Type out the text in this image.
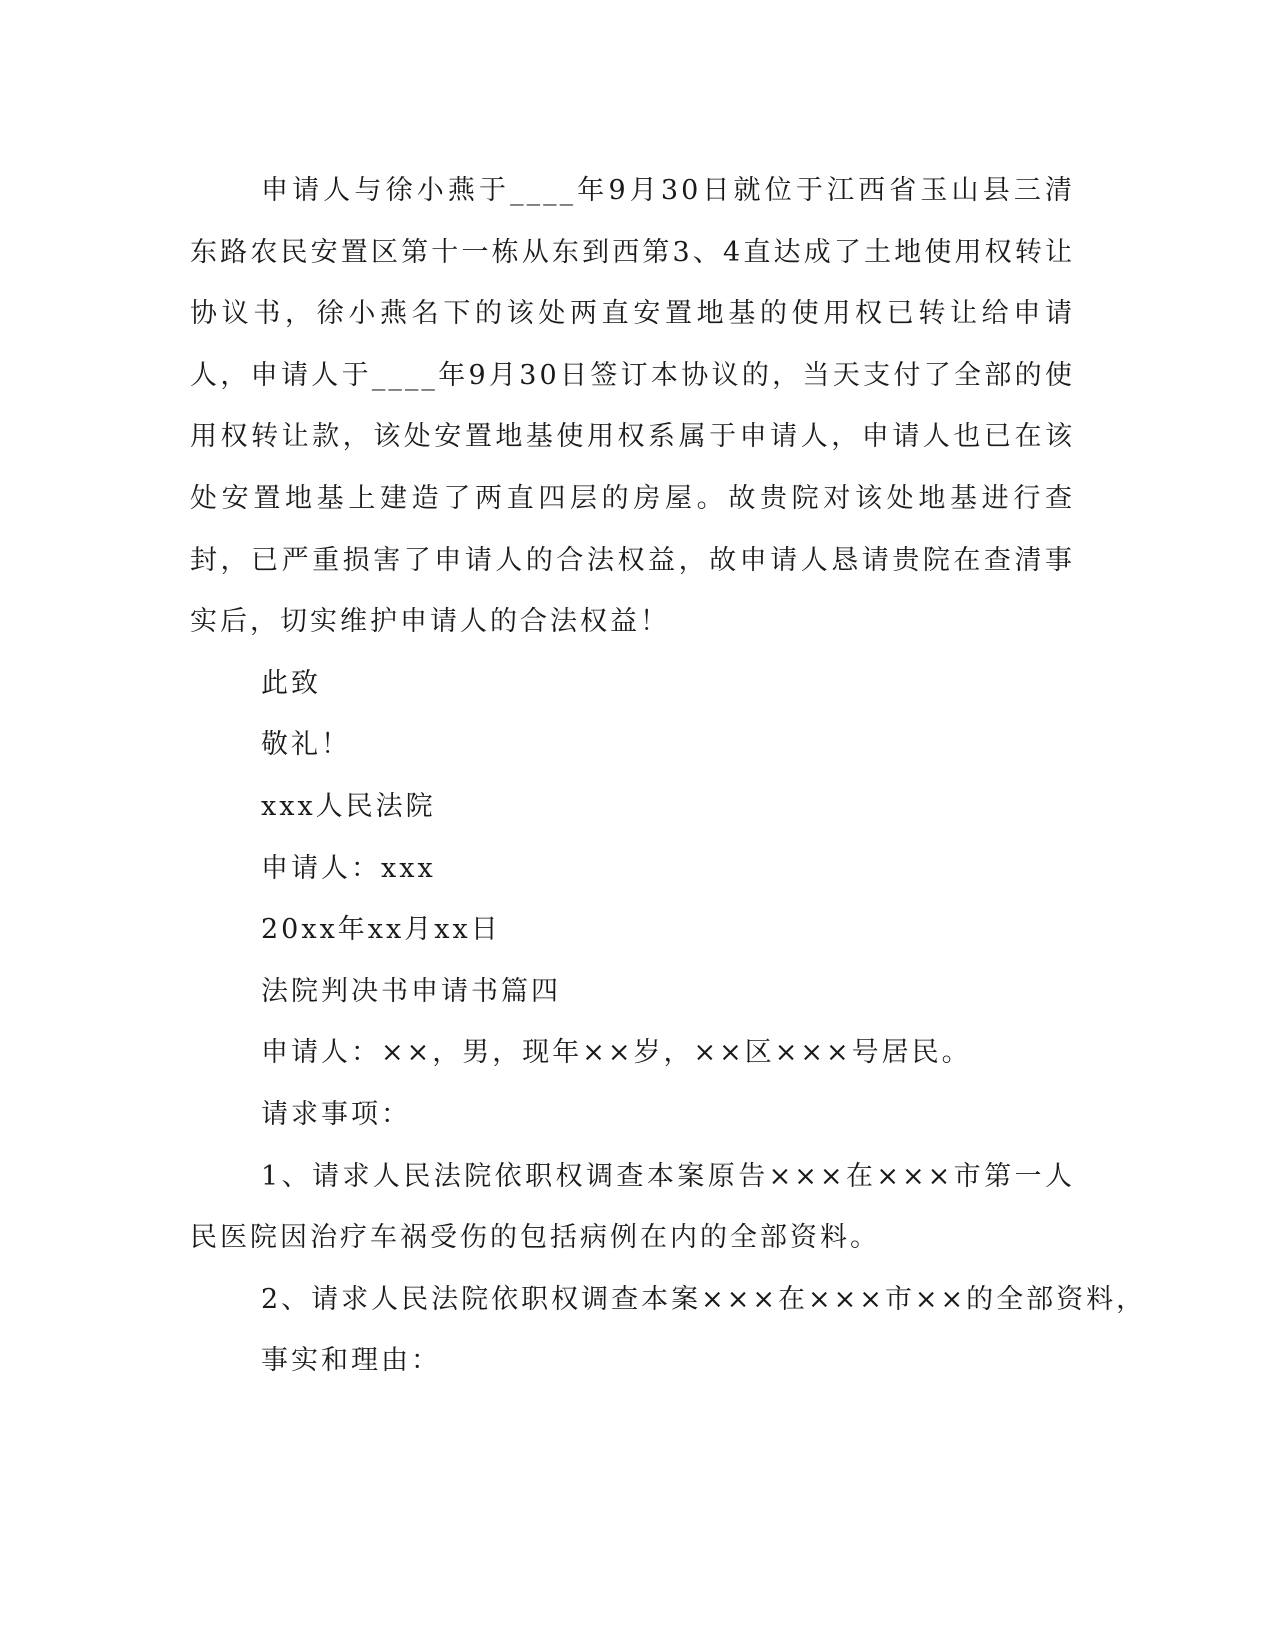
申请人与徐小燕于____年9月30日就位于江西省玉山县三清东路农民安置区第十一栋从东到西第3、4直达成了土地使用权转让协议书，徐小燕名下的该处两直安置地基的使用权已转让给申请人，申请人于____年9月30日签订本协议的，当天支付了全部的使用权转让款，该处安置地基使用权系属于申请人，申请人也已在该处安置地基上建造了两直四层的房屋。故贵院对该处地基进行查封，已严重损害了申请人的合法权益，故申请人恳请贵院在查清事实后，切实维护申请人的合法权益！

此致

敬礼！

xxx人民法院

申请人：xxx

20xx年xx月xx日

法院判决书申请书篇四

申请人：××，男，现年××岁，××区×××号居民。

请求事项：

1、请求人民法院依职权调查本案原告×××在×××市第一人民医院因治疗车祸受伤的包括病例在内的全部资料。

2、请求人民法院依职权调查本案×××在×××市××的全部资料，

事实和理由：
